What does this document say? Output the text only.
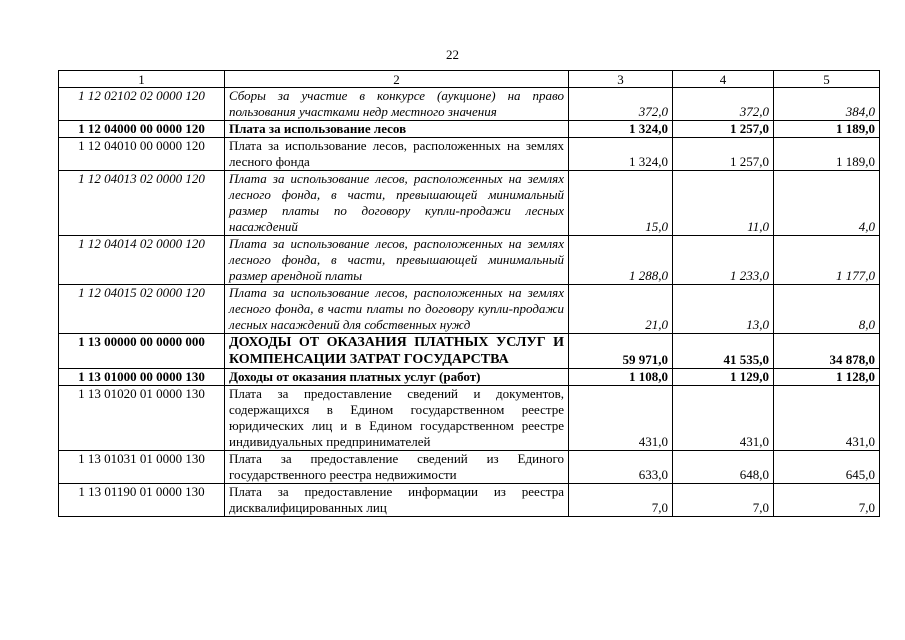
22
1	2	3	4	5
1 12 02102 02 0000 120	Сборы за участие в конкурсе (аукционе) на право пользования участками недр местного значения	372,0	372,0	384,0
1 12 04000 00 0000 120	Плата за использование лесов	1 324,0	1 257,0	1 189,0
1 12 04010 00 0000 120	Плата за использование лесов, расположенных на землях лесного фонда	1 324,0	1 257,0	1 189,0
1 12 04013 02 0000 120	Плата за использование лесов, расположенных на землях лесного фонда, в части, превышающей минимальный размер платы по договору купли-продажи лесных насаждений	15,0	11,0	4,0
1 12 04014 02 0000 120	Плата за использование лесов, расположенных на землях лесного фонда, в части, превышающей минимальный размер арендной платы	1 288,0	1 233,0	1 177,0
1 12 04015 02 0000 120	Плата за использование лесов, расположенных на землях лесного фонда, в части платы по договору купли-продажи лесных насаждений для собственных нужд	21,0	13,0	8,0
1 13 00000 00 0000 000	ДОХОДЫ ОТ ОКАЗАНИЯ ПЛАТНЫХ УСЛУГ И КОМПЕНСАЦИИ ЗАТРАТ ГОСУДАРСТВА	59 971,0	41 535,0	34 878,0
1 13 01000 00 0000 130	Доходы от оказания платных услуг (работ)	1 108,0	1 129,0	1 128,0
1 13 01020 01 0000 130	Плата за предоставление сведений и документов, содержащихся в Едином государственном реестре юридических лиц и в Едином государственном реестре индивидуальных предпринимателей	431,0	431,0	431,0
1 13 01031 01 0000 130	Плата за предоставление сведений из Единого государственного реестра недвижимости	633,0	648,0	645,0
1 13 01190 01 0000 130	Плата за предоставление информации из реестра дисквалифицированных лиц	7,0	7,0	7,0
